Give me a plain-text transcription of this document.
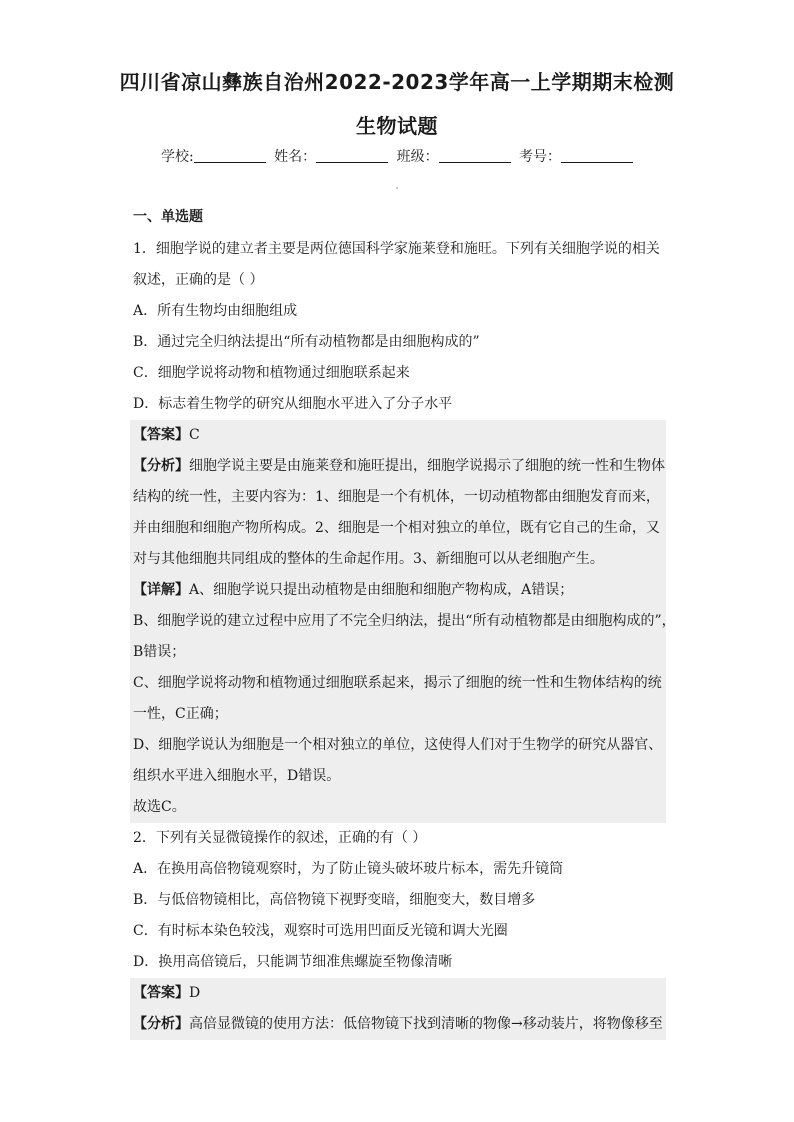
四川省凉山彝族自治州2022-2023学年高一上学期期末检测
生物试题
学校:	姓名：	班级：	考号：
一、单选题
1．细胞学说的建立者主要是两位德国科学家施莱登和施旺。下列有关细胞学说的相关
叙述，正确的是（ ）
A．所有生物均由细胞组成
B．通过完全归纳法提出“所有动植物都是由细胞构成的”
C．细胞学说将动物和植物通过细胞联系起来
D．标志着生物学的研究从细胞水平进入了分子水平
【答案】C
【分析】细胞学说主要是由施莱登和施旺提出，细胞学说揭示了细胞的统一性和生物体
结构的统一性，主要内容为：1、细胞是一个有机体，一切动植物都由细胞发育而来，
并由细胞和细胞产物所构成。2、细胞是一个相对独立的单位，既有它自己的生命，又
对与其他细胞共同组成的整体的生命起作用。3、新细胞可以从老细胞产生。
【详解】A、细胞学说只提出动植物是由细胞和细胞产物构成，A错误；
B、细胞学说的建立过程中应用了不完全归纳法，提出“所有动植物都是由细胞构成的”，
B错误；
C、细胞学说将动物和植物通过细胞联系起来，揭示了细胞的统一性和生物体结构的统
一性，C正确；
D、细胞学说认为细胞是一个相对独立的单位，这使得人们对于生物学的研究从器官、
组织水平进入细胞水平，D错误。
故选C。
2．下列有关显微镜操作的叙述，正确的有（ ）
A．在换用高倍物镜观察时，为了防止镜头破坏玻片标本，需先升镜筒
B．与低倍物镜相比，高倍物镜下视野变暗，细胞变大，数目增多
C．有时标本染色较浅，观察时可选用凹面反光镜和调大光圈
D．换用高倍镜后，只能调节细准焦螺旋至物像清晰
【答案】D
【分析】高倍显微镜的使用方法：低倍物镜下找到清晰的物像→移动装片，将物像移至
